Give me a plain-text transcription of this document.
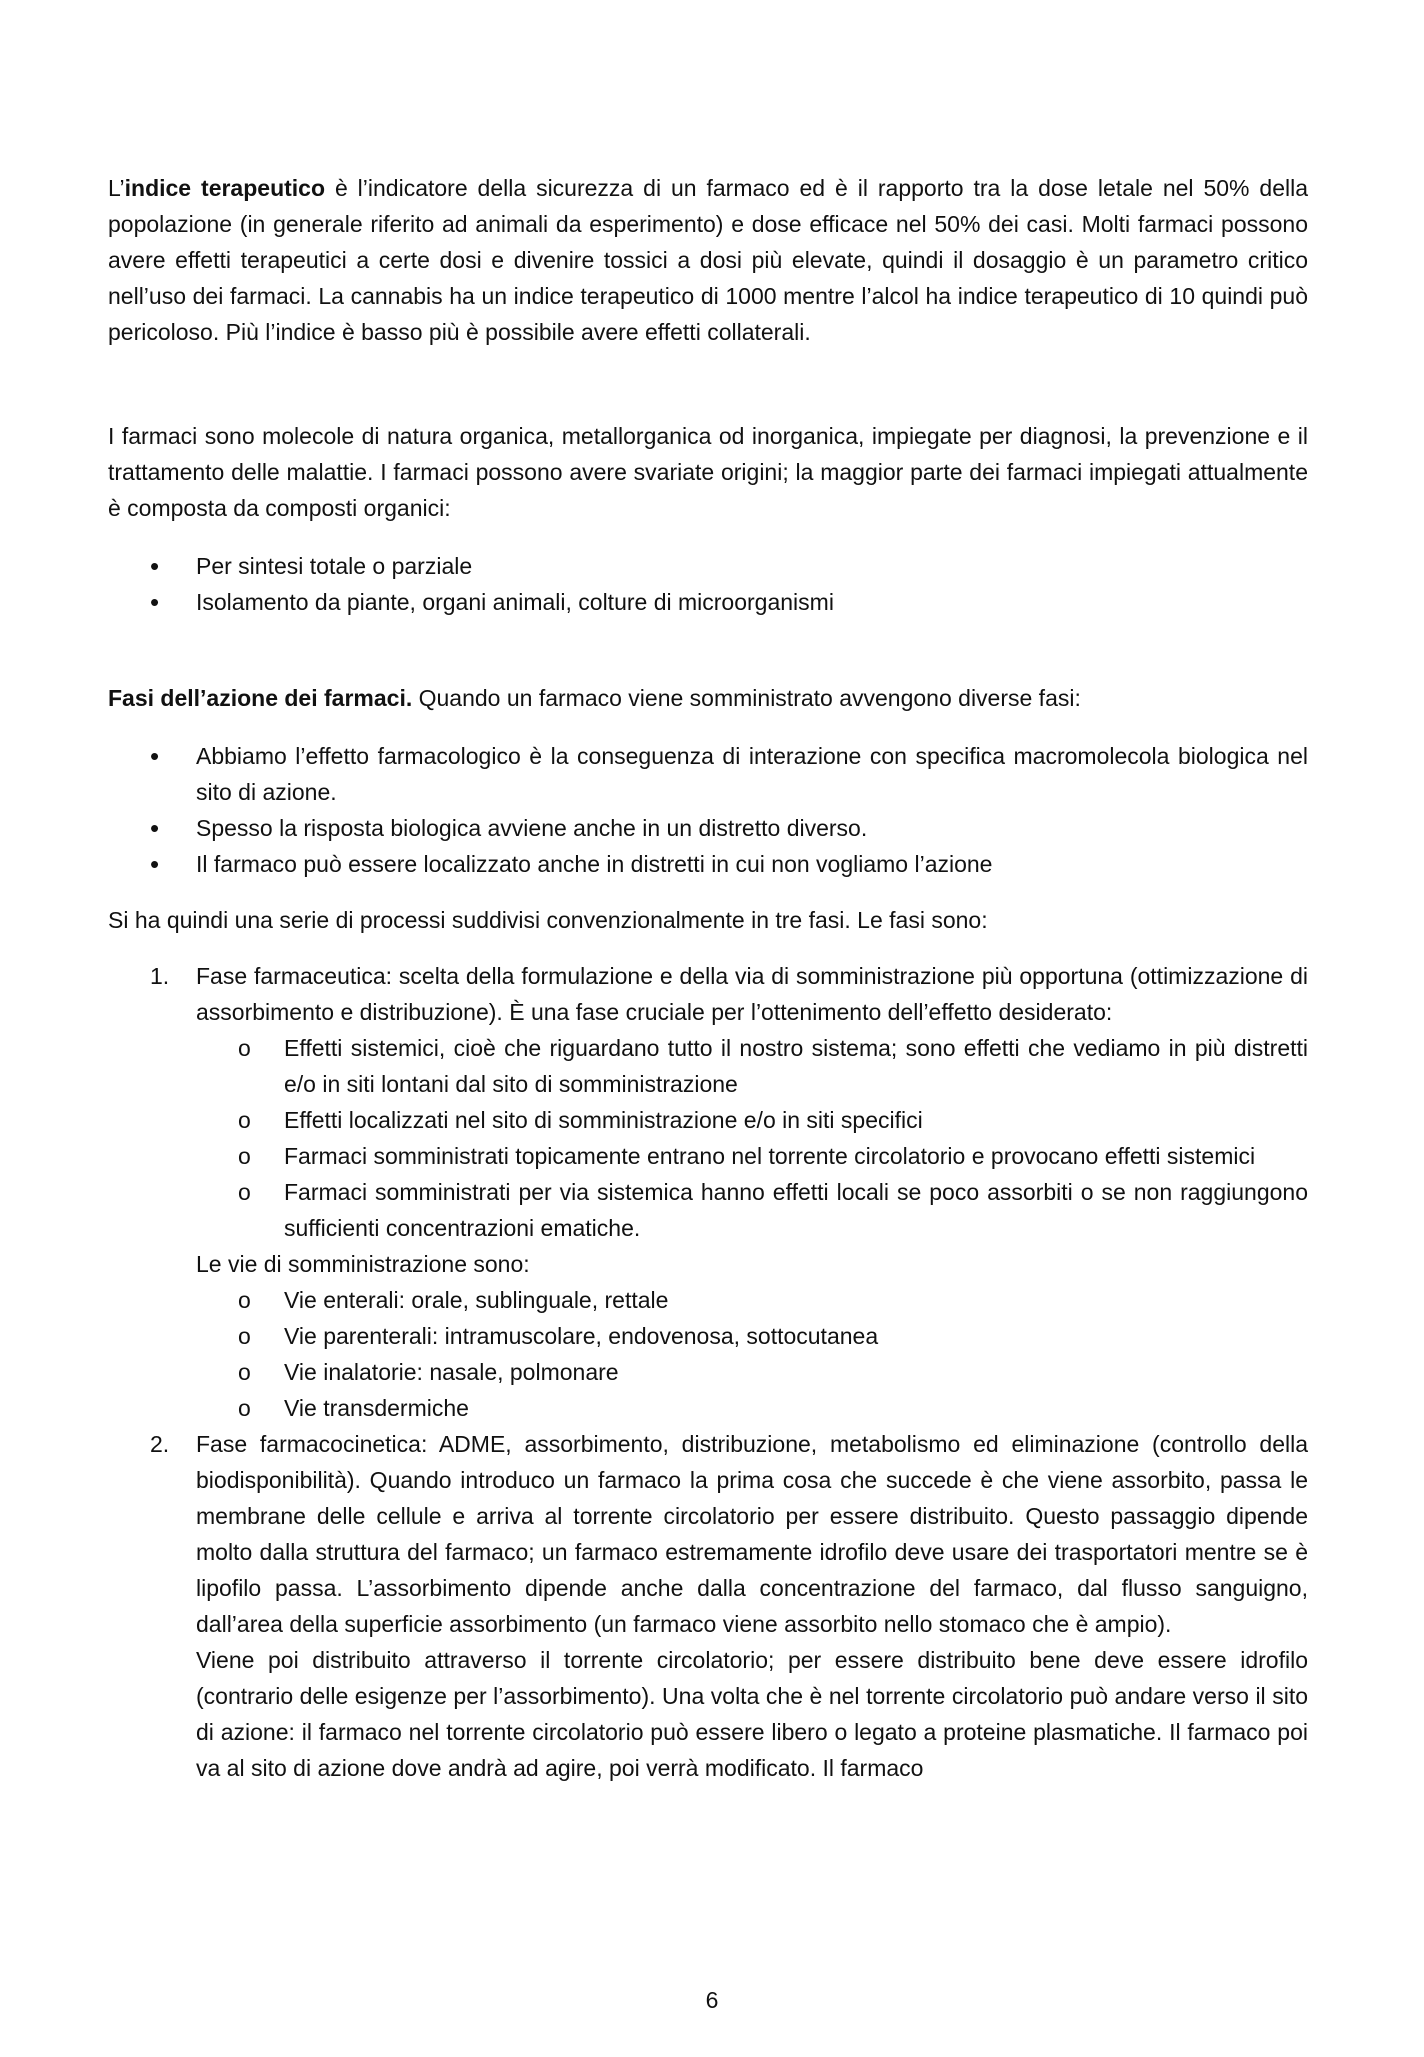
L’indice terapeutico è l’indicatore della sicurezza di un farmaco ed è il rapporto tra la dose letale nel 50% della popolazione (in generale riferito ad animali da esperimento) e dose efficace nel 50% dei casi. Molti farmaci possono avere effetti terapeutici a certe dosi e divenire tossici a dosi più elevate, quindi il dosaggio è un parametro critico nell’uso dei farmaci. La cannabis ha un indice terapeutico di 1000 mentre l’alcol ha indice terapeutico di 10 quindi può pericoloso. Più l’indice è basso più è possibile avere effetti collaterali.

I farmaci sono molecole di natura organica, metallorganica od inorganica, impiegate per diagnosi, la prevenzione e il trattamento delle malattie. I farmaci possono avere svariate origini; la maggior parte dei farmaci impiegati attualmente è composta da composti organici:

• Per sintesi totale o parziale
• Isolamento da piante, organi animali, colture di microorganismi

Fasi dell’azione dei farmaci. Quando un farmaco viene somministrato avvengono diverse fasi:

• Abbiamo l’effetto farmacologico è la conseguenza di interazione con specifica macromolecola biologica nel sito di azione.
• Spesso la risposta biologica avviene anche in un distretto diverso.
• Il farmaco può essere localizzato anche in distretti in cui non vogliamo l’azione

Si ha quindi una serie di processi suddivisi convenzionalmente in tre fasi. Le fasi sono:

1. Fase farmaceutica: scelta della formulazione e della via di somministrazione più opportuna (ottimizzazione di assorbimento e distribuzione). È una fase cruciale per l’ottenimento dell’effetto desiderato:

o Effetti sistemici, cioè che riguardano tutto il nostro sistema; sono effetti che vediamo in più distretti e/o in siti lontani dal sito di somministrazione
o Effetti localizzati nel sito di somministrazione e/o in siti specifici
o Farmaci somministrati topicamente entrano nel torrente circolatorio e provocano effetti sistemici
o Farmaci somministrati per via sistemica hanno effetti locali se poco assorbiti o se non raggiungono sufficienti concentrazioni ematiche.

Le vie di somministrazione sono:

o Vie enterali: orale, sublinguale, rettale
o Vie parenterali: intramuscolare, endovenosa, sottocutanea
o Vie inalatorie: nasale, polmonare
o Vie transdermiche
2. Fase farmacocinetica: ADME, assorbimento, distribuzione, metabolismo ed eliminazione (controllo della biodisponibilità). Quando introduco un farmaco la prima cosa che succede è che viene assorbito, passa le membrane delle cellule e arriva al torrente circolatorio per essere distribuito. Questo passaggio dipende molto dalla struttura del farmaco; un farmaco estremamente idrofilo deve usare dei trasportatori mentre se è lipofilo passa. L’assorbimento dipende anche dalla concentrazione del farmaco, dal flusso sanguigno, dall’area della superficie assorbimento (un farmaco viene assorbito nello stomaco che è ampio).

Viene poi distribuito attraverso il torrente circolatorio; per essere distribuito bene deve essere idrofilo (contrario delle esigenze per l’assorbimento). Una volta che è nel torrente circolatorio può andare verso il sito di azione: il farmaco nel torrente circolatorio può essere libero o legato a proteine plasmatiche. Il farmaco poi va al sito di azione dove andrà ad agire, poi verrà modificato. Il farmaco

6
